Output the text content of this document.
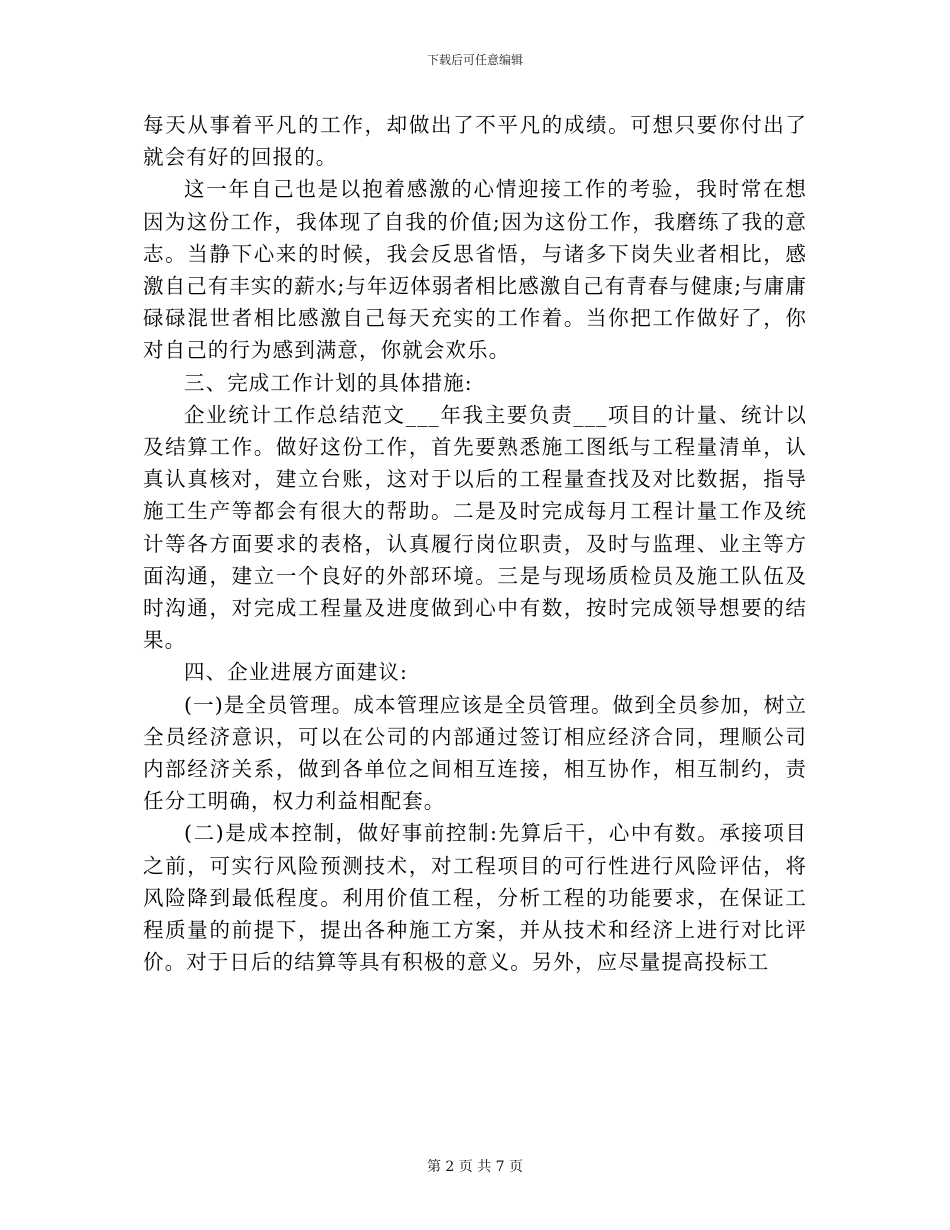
下载后可任意编辑

每天从事着平凡的工作，却做出了不平凡的成绩。可想只要你付出了就会有好的回报的。

这一年自己也是以抱着感激的心情迎接工作的考验，我时常在想因为这份工作，我体现了自我的价值;因为这份工作，我磨练了我的意志。当静下心来的时候，我会反思省悟，与诸多下岗失业者相比，感激自己有丰实的薪水;与年迈体弱者相比感激自己有青春与健康;与庸庸碌碌混世者相比感激自己每天充实的工作着。当你把工作做好了，你对自己的行为感到满意，你就会欢乐。

三、完成工作计划的具体措施:

企业统计工作总结范文___年我主要负责___项目的计量、统计以及结算工作。做好这份工作，首先要熟悉施工图纸与工程量清单，认真认真核对，建立台账，这对于以后的工程量查找及对比数据，指导施工生产等都会有很大的帮助。二是及时完成每月工程计量工作及统计等各方面要求的表格，认真履行岗位职责，及时与监理、业主等方面沟通，建立一个良好的外部环境。三是与现场质检员及施工队伍及时沟通，对完成工程量及进度做到心中有数，按时完成领导想要的结果。

四、企业进展方面建议:

(一)是全员管理。成本管理应该是全员管理。做到全员参加，树立全员经济意识，可以在公司的内部通过签订相应经济合同，理顺公司内部经济关系，做到各单位之间相互连接，相互协作，相互制约，责任分工明确，权力利益相配套。

(二)是成本控制，做好事前控制:先算后干，心中有数。承接项目之前，可实行风险预测技术，对工程项目的可行性进行风险评估，将风险降到最低程度。利用价值工程，分析工程的功能要求，在保证工程质量的前提下，提出各种施工方案，并从技术和经济上进行对比评价。对于日后的结算等具有积极的意义。另外，应尽量提高投标工

第 2 页 共 7 页
